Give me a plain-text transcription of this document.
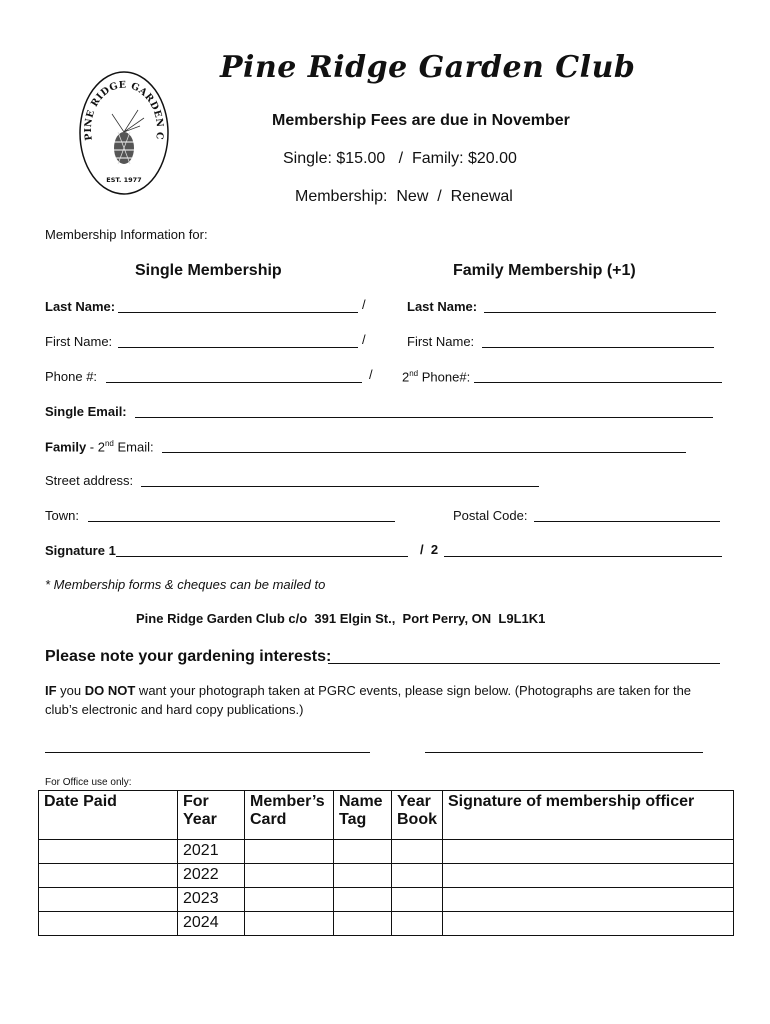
PINE RIDGE GARDEN C
EST. 1977
Pine Ridge Garden Club
Membership Fees are due in November
Single: $15.00   /  Family: $20.00
Membership:  New  /  Renewal
Membership Information for:
Single Membership	Family Membership (+1)
Last Name:	/	Last Name:
First Name:	/	First Name:
Phone #:	/ 2nd Phone#:
Single Email:
Family - 2nd Email:
Street address:
Town:	Postal Code:
Signature 1	/  2
* Membership forms & cheques can be mailed to
Pine Ridge Garden Club c/o  391 Elgin St.,  Port Perry, ON  L9L1K1
Please note your gardening interests:
IF you DO NOT want your photograph taken at PGRC events, please sign below. (Photographs are taken for the club’s electronic and hard copy publications.)
For Office use only:
Date Paid	For Year	Member’s Card	Name Tag	Year Book	Signature of membership officer
	2021				
	2022				
	2023				
	2024				
